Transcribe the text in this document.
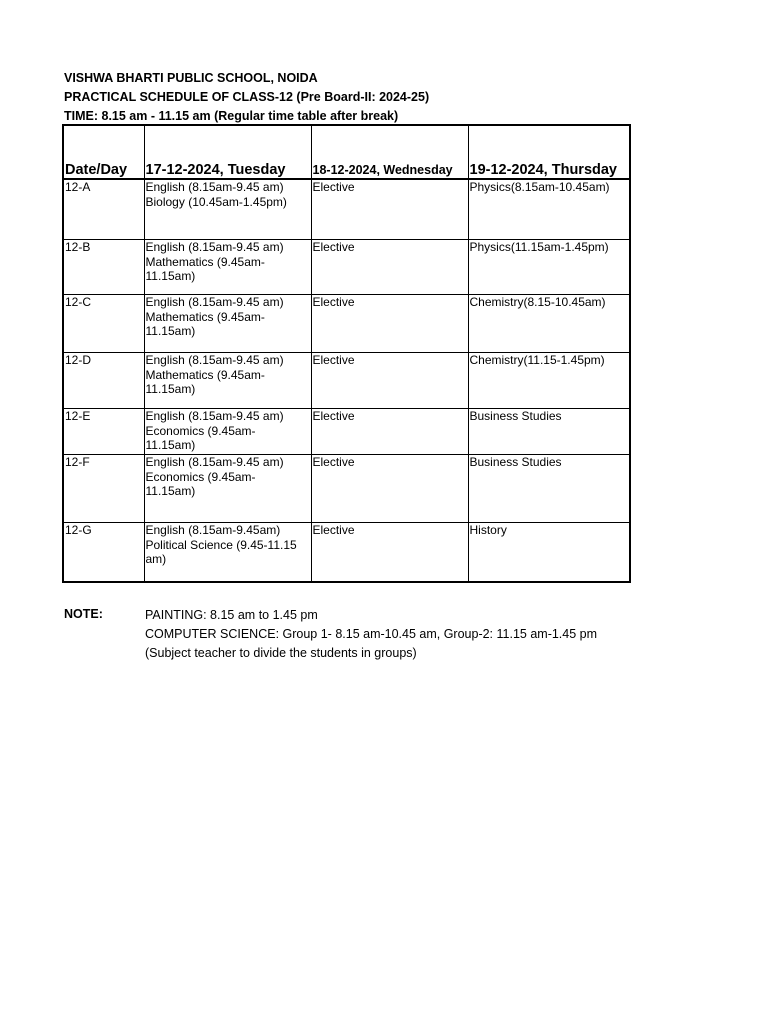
VISHWA BHARTI PUBLIC SCHOOL, NOIDA
PRACTICAL SCHEDULE OF CLASS-12 (Pre Board-II: 2024-25)
TIME: 8.15 am - 11.15 am (Regular time table after break)
Date/Day	17-12-2024, Tuesday	18-12-2024, Wednesday	19-12-2024, Thursday
12-A	English (8.15am-9.45 am)
Biology (10.45am-1.45pm)	Elective	Physics(8.15am-10.45am)
12-B	English (8.15am-9.45 am)
Mathematics (9.45am-
11.15am)	Elective	Physics(11.15am-1.45pm)
12-C	English (8.15am-9.45 am)
Mathematics (9.45am-
11.15am)	Elective	Chemistry(8.15-10.45am)
12-D	English (8.15am-9.45 am)
Mathematics (9.45am-
11.15am)	Elective	Chemistry(11.15-1.45pm)
12-E	English (8.15am-9.45 am)
Economics (9.45am-
11.15am)	Elective	Business Studies
12-F	English (8.15am-9.45 am)
Economics (9.45am-
11.15am)	Elective	Business Studies
12-G	English (8.15am-9.45am)
Political Science (9.45-11.15
am)	Elective	History
NOTE:	PAINTING: 8.15 am to 1.45 pm
COMPUTER SCIENCE: Group 1- 8.15 am-10.45 am, Group-2: 11.15 am-1.45 pm
(Subject teacher to divide the students in groups)
